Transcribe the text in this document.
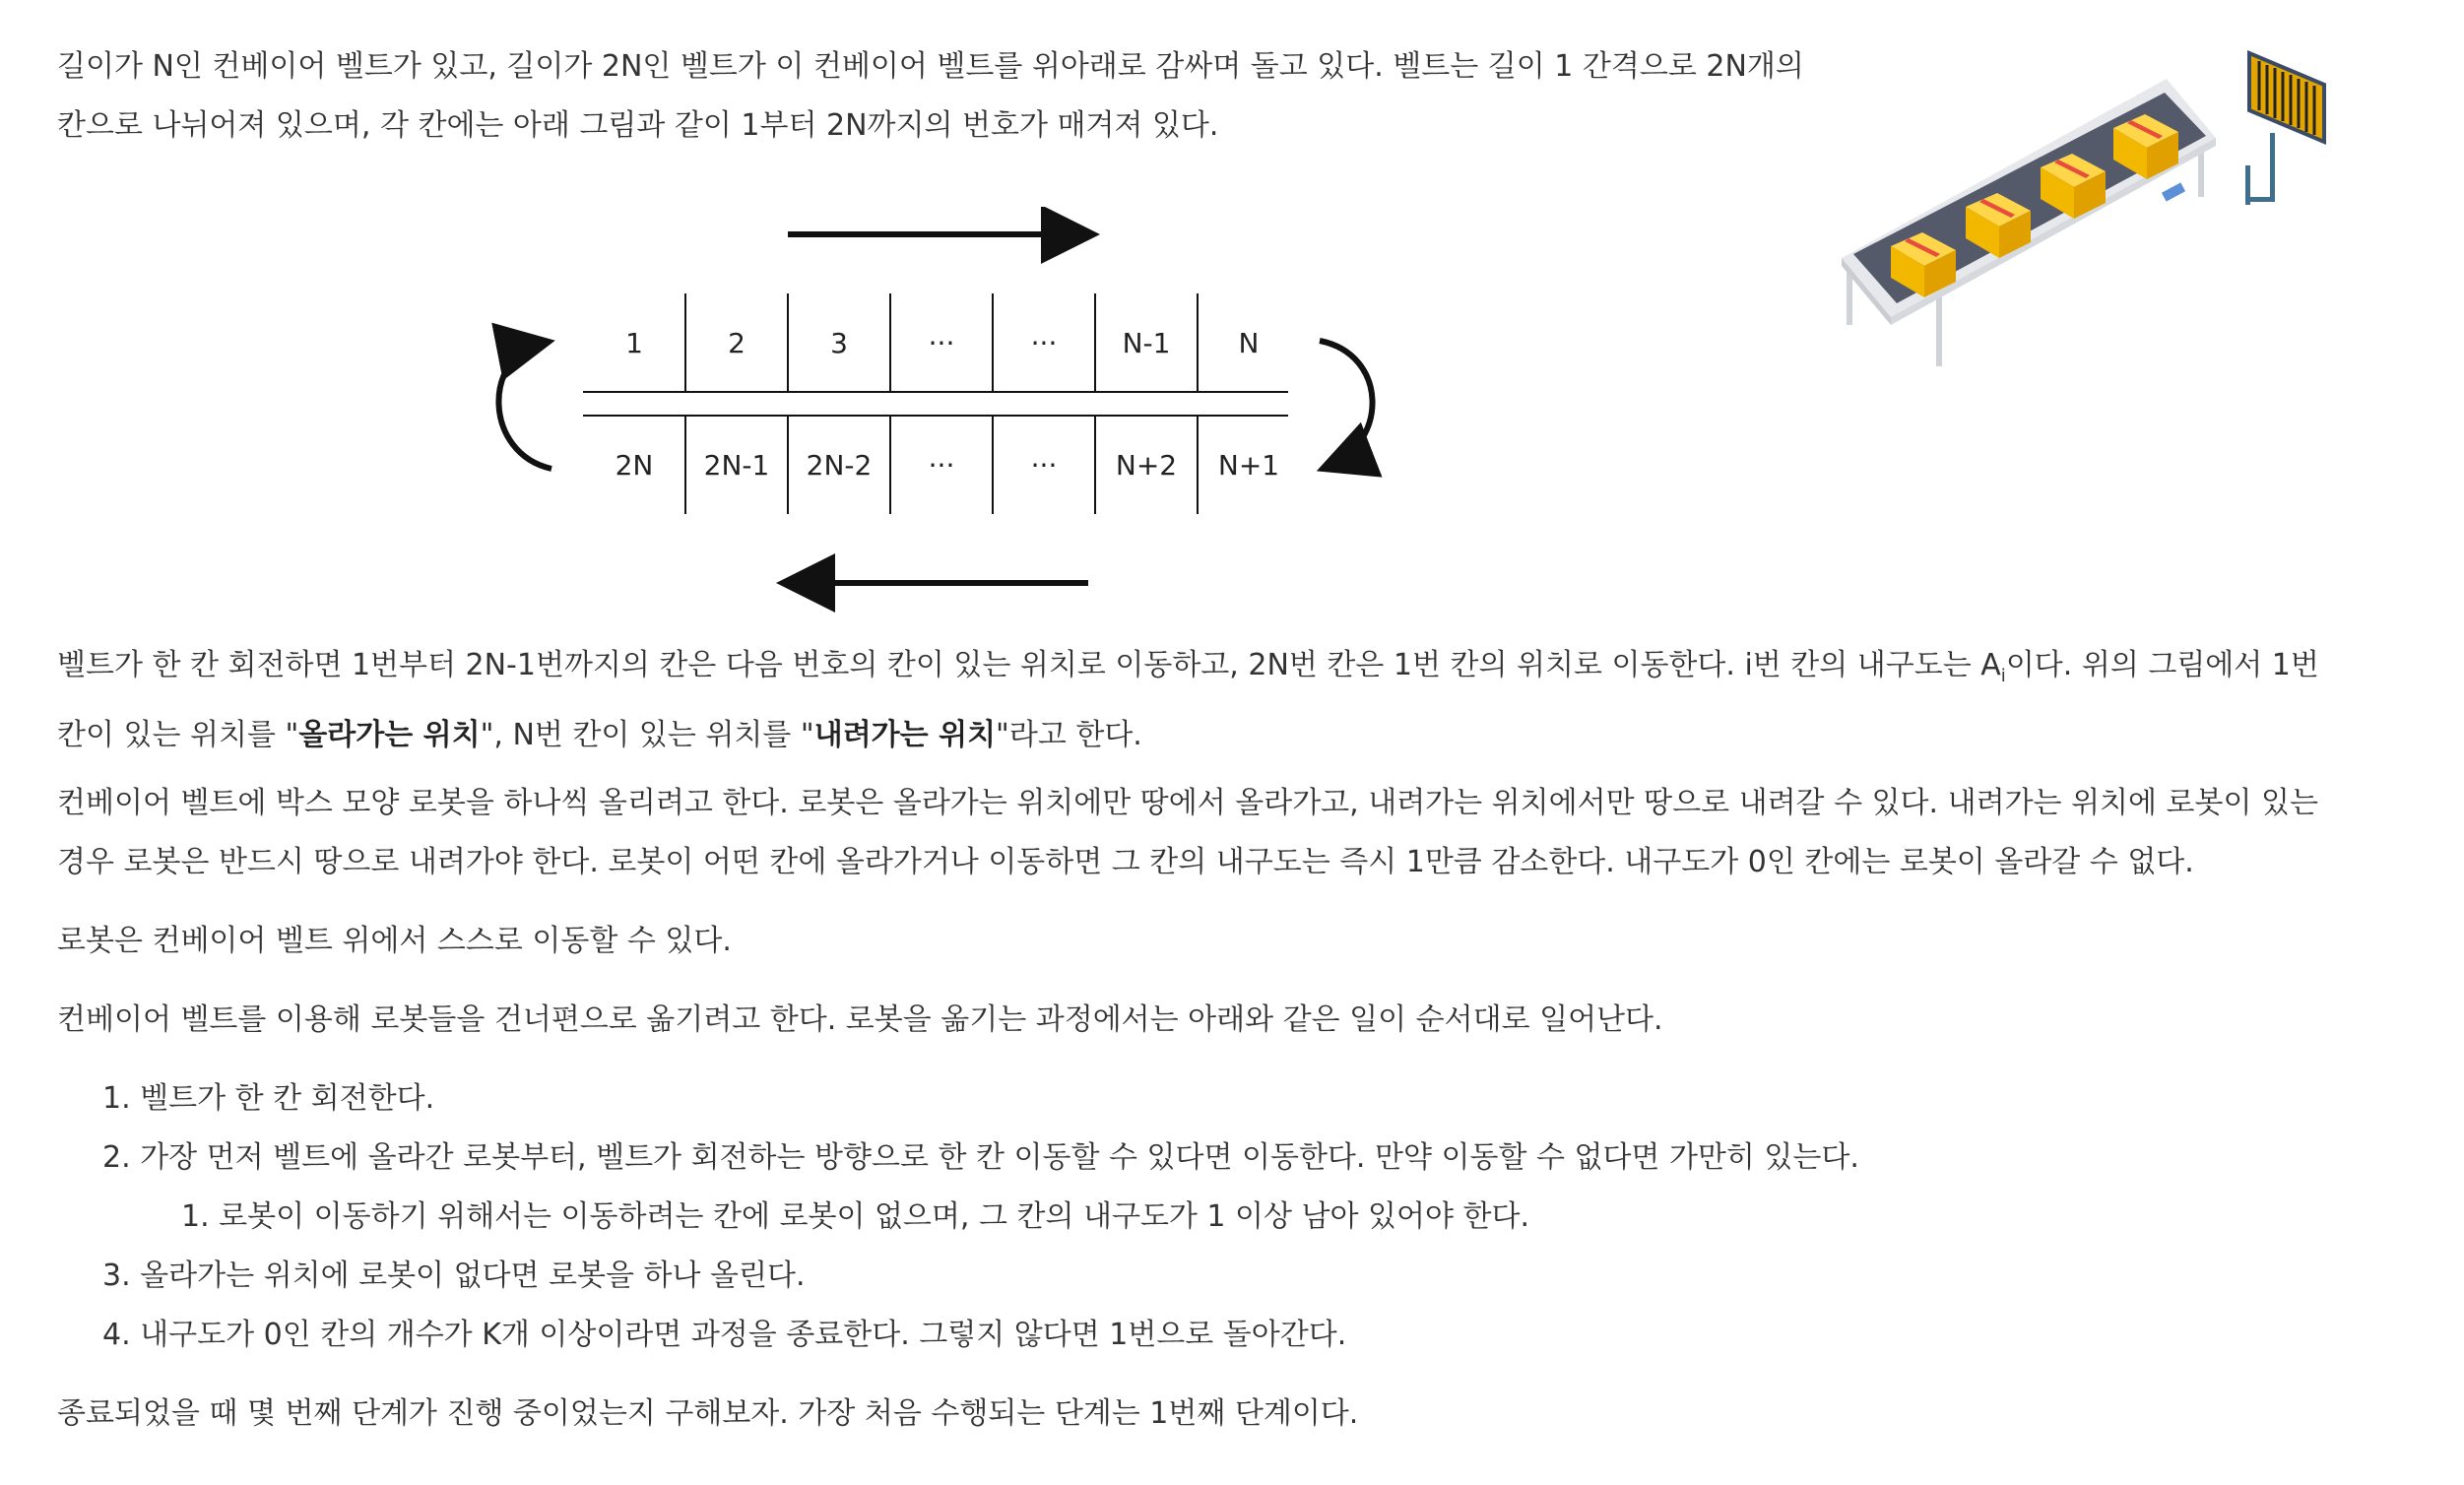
길이가 N인 컨베이어 벨트가 있고, 길이가 2N인 벨트가 이 컨베이어 벨트를 위아래로 감싸며 돌고 있다. 벨트는 길이 1 간격으로 2N개의 칸으로 나뉘어져 있으며, 각 칸에는 아래 그림과 같이 1부터 2N까지의 번호가 매겨져 있다.

1	2	3	···	··· N-1 N
2N 2N-1 2N-2 ···	··· N+2 N+1

벨트가 한 칸 회전하면 1번부터 2N-1번까지의 칸은 다음 번호의 칸이 있는 위치로 이동하고, 2N번 칸은 1번 칸의 위치로 이동한다. i번 칸의 내구도는 $A_i$이다. 위의 그림에서 1번 칸이 있는 위치를 "올라가는 위치", N번 칸이 있는 위치를 "내려가는 위치"라고 한다.

컨베이어 벨트에 박스 모양 로봇을 하나씩 올리려고 한다. 로봇은 올라가는 위치에만 땅에서 올라가고, 내려가는 위치에서만 땅으로 내려갈 수 있다. 내려가는 위치에 로봇이 있는 경우 로봇은 반드시 땅으로 내려가야 한다. 로봇이 어떤 칸에 올라가거나 이동하면 그 칸의 내구도는 즉시 1만큼 감소한다. 내구도가 0인 칸에는 로봇이 올라갈 수 없다.

로봇은 컨베이어 벨트 위에서 스스로 이동할 수 있다.

컨베이어 벨트를 이용해 로봇들을 건너편으로 옮기려고 한다. 로봇을 옮기는 과정에서는 아래와 같은 일이 순서대로 일어난다.

1. 벨트가 한 칸 회전한다.
2. 가장 먼저 벨트에 올라간 로봇부터, 벨트가 회전하는 방향으로 한 칸 이동할 수 있다면 이동한다. 만약 이동할 수 없다면 가만히 있는다.
1. 로봇이 이동하기 위해서는 이동하려는 칸에 로봇이 없으며, 그 칸의 내구도가 1 이상 남아 있어야 한다.
3. 올라가는 위치에 로봇이 없다면 로봇을 하나 올린다.
4. 내구도가 0인 칸의 개수가 K개 이상이라면 과정을 종료한다. 그렇지 않다면 1번으로 돌아간다.

종료되었을 때 몇 번째 단계가 진행 중이었는지 구해보자. 가장 처음 수행되는 단계는 1번째 단계이다.
